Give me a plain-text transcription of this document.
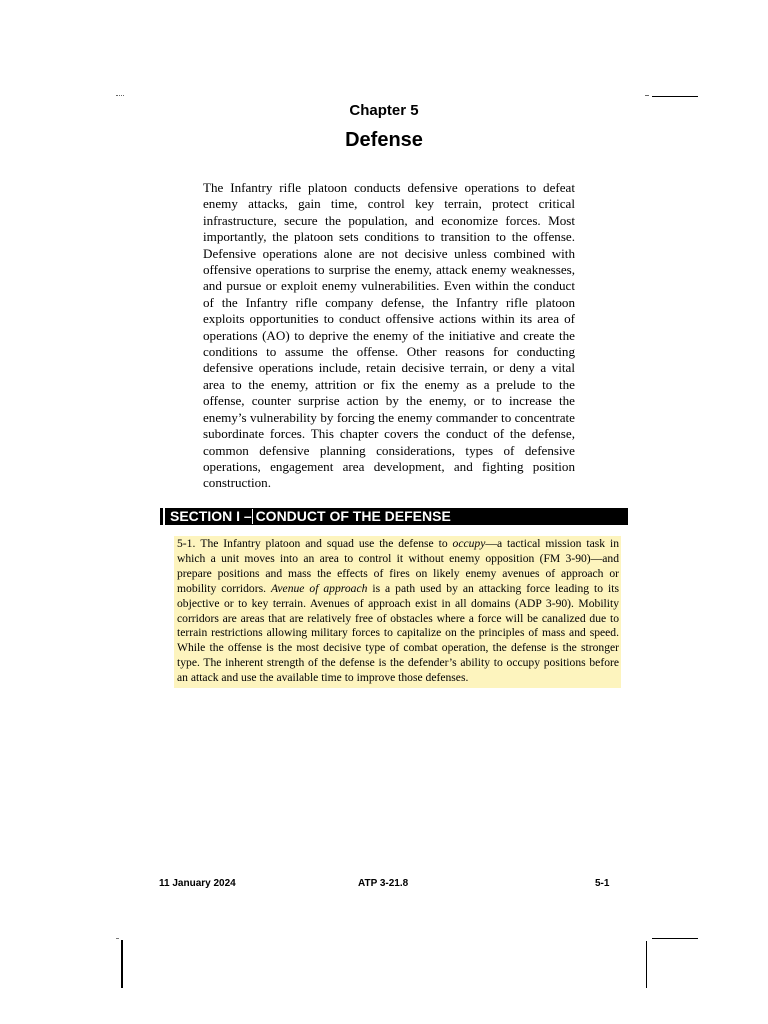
Chapter 5
Defense

The Infantry rifle platoon conducts defensive operations to defeat enemy attacks, gain time, control key terrain, protect critical infrastructure, secure the population, and economize forces. Most importantly, the platoon sets conditions to transition to the offense. Defensive operations alone are not decisive unless combined with offensive operations to surprise the enemy, attack enemy weaknesses, and pursue or exploit enemy vulnerabilities. Even within the conduct of the Infantry rifle company defense, the Infantry rifle platoon exploits opportunities to conduct offensive actions within its area of operations (AO) to deprive the enemy of the initiative and create the conditions to assume the offense. Other reasons for conducting defensive operations include, retain decisive terrain, or deny a vital area to the enemy, attrition or fix the enemy as a prelude to the offense, counter surprise action by the enemy, or to increase the enemy’s vulnerability by forcing the enemy commander to concentrate subordinate forces. This chapter covers the conduct of the defense, common defensive planning considerations, types of defensive operations, engagement area development, and fighting position construction.

SECTION I – CONDUCT OF THE DEFENSE

5-1. The Infantry platoon and squad use the defense to occupy—a tactical mission task in which a unit moves into an area to control it without enemy opposition (FM 3-90)—and prepare positions and mass the effects of fires on likely enemy avenues of approach or mobility corridors. Avenue of approach is a path used by an attacking force leading to its objective or to key terrain. Avenues of approach exist in all domains (ADP 3-90). Mobility corridors are areas that are relatively free of obstacles where a force will be canalized due to terrain restrictions allowing military forces to capitalize on the principles of mass and speed. While the offense is the most decisive type of combat operation, the defense is the stronger type. The inherent strength of the defense is the defender’s ability to occupy positions before an attack and use the available time to improve those defenses.

11 January 2024	ATP 3-21.8	5-1
